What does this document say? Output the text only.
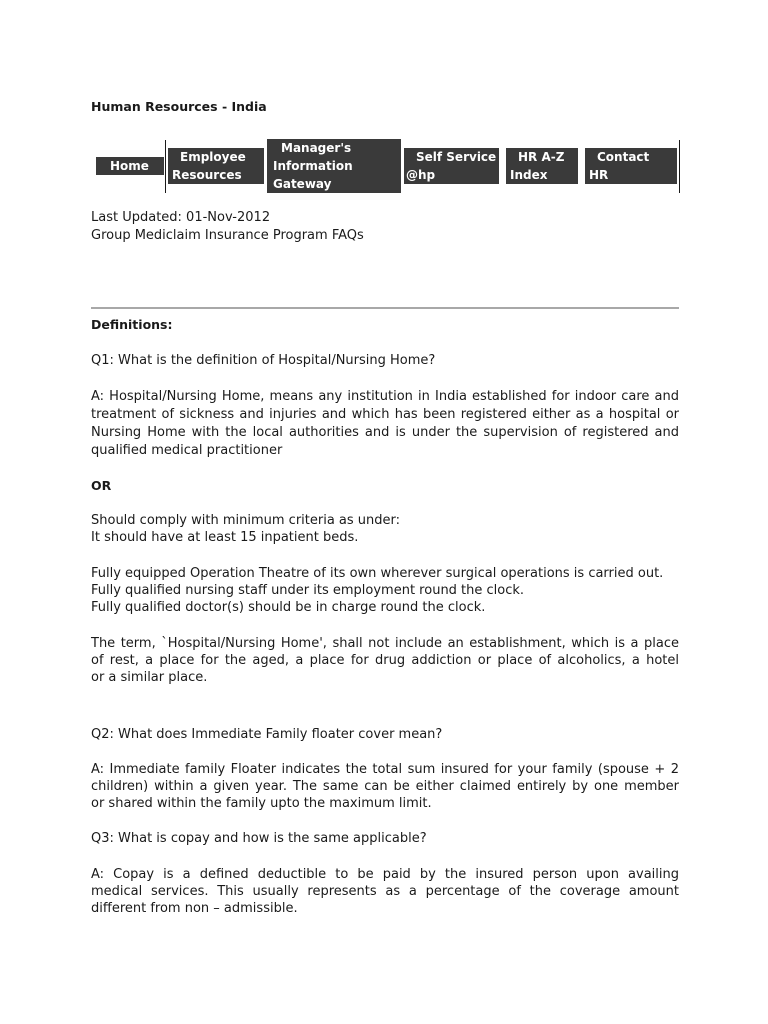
Human Resources - India
Home
Employee
Resources
Manager's
Information
Gateway
Self Service
@hp
HR A-Z
Index
Contact
HR
Last Updated: 01-Nov-2012
Group Mediclaim Insurance Program FAQs
Definitions:
Q1: What is the definition of Hospital/Nursing Home?
A: Hospital/Nursing Home, means any institution in India established for indoor care and
treatment of sickness and injuries and which has been registered either as a hospital or
Nursing Home with the local authorities and is under the supervision of registered and
qualified medical practitioner
OR
Should comply with minimum criteria as under:
It should have at least 15 inpatient beds.
Fully equipped Operation Theatre of its own wherever surgical operations is carried out.
Fully qualified nursing staff under its employment round the clock.
Fully qualified doctor(s) should be in charge round the clock.
The term, `Hospital/Nursing Home', shall not include an establishment, which is a place
of rest, a place for the aged, a place for drug addiction or place of alcoholics, a hotel
or a similar place.
Q2: What does Immediate Family floater cover mean?
A: Immediate family Floater indicates the total sum insured for your family (spouse + 2
children) within a given year. The same can be either claimed entirely by one member
or shared within the family upto the maximum limit.
Q3: What is copay and how is the same applicable?
A: Copay is a defined deductible to be paid by the insured person upon availing
medical services. This usually represents as a percentage of the coverage amount
different from non – admissible.
